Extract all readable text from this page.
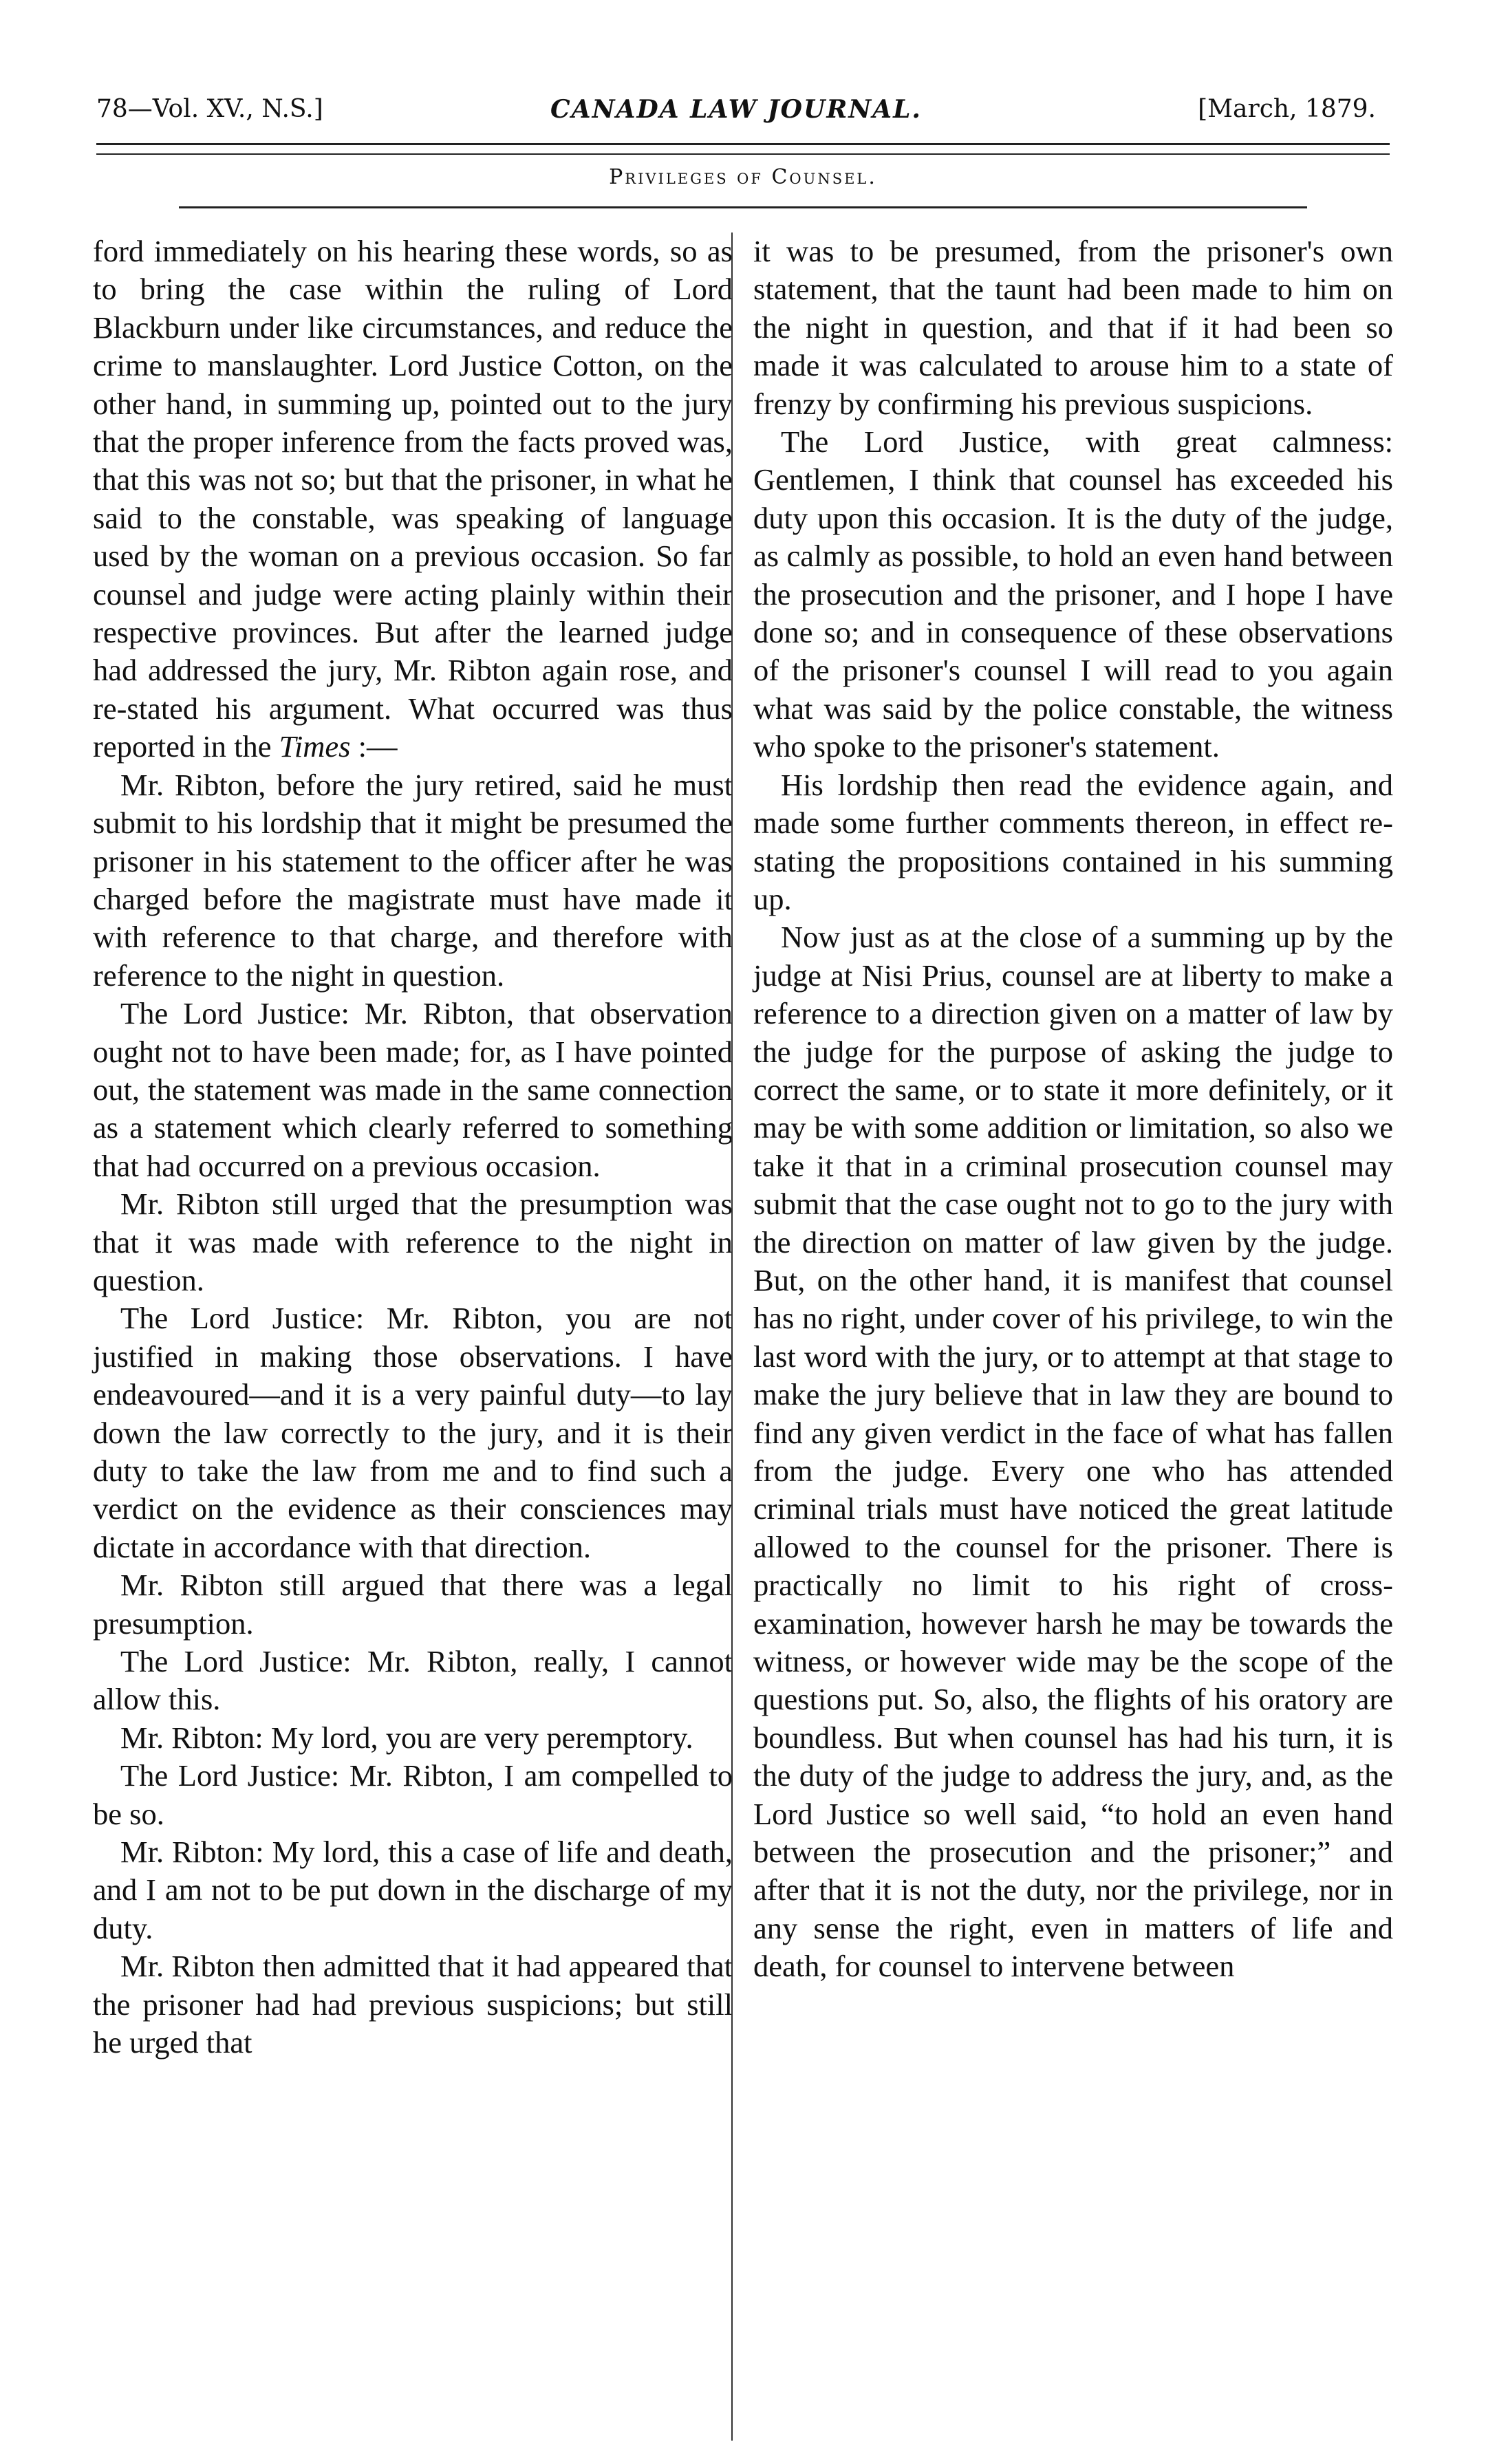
78—Vol. XV., N.S.]	CANADA LAW JOURNAL.	[March, 1879.
Privileges of Counsel.

ford immediately on his hearing these words, so as to bring the case within the ruling of Lord Blackburn under like circumstances, and reduce the crime to manslaughter. Lord Justice Cotton, on the other hand, in summing up, pointed out to the jury that the proper inference from the facts proved was, that this was not so; but that the prisoner, in what he said to the constable, was speaking of language used by the woman on a previous occasion. So far counsel and judge were acting plainly within their respective provinces. But after the learned judge had addressed the jury, Mr. Ribton again rose, and re-stated his argument. What occurred was thus reported in the Times :—

Mr. Ribton, before the jury retired, said he must submit to his lordship that it might be presumed the prisoner in his statement to the officer after he was charged before the magistrate must have made it with reference to that charge, and therefore with reference to the night in question.

The Lord Justice: Mr. Ribton, that observation ought not to have been made; for, as I have pointed out, the statement was made in the same connection as a statement which clearly referred to something that had occurred on a previous occasion.

Mr. Ribton still urged that the presumption was that it was made with reference to the night in question.

The Lord Justice: Mr. Ribton, you are not justified in making those observations. I have endeavoured—and it is a very painful duty—to lay down the law correctly to the jury, and it is their duty to take the law from me and to find such a verdict on the evidence as their consciences may dictate in accordance with that direction.

Mr. Ribton still argued that there was a legal presumption.

The Lord Justice: Mr. Ribton, really, I cannot allow this.

Mr. Ribton: My lord, you are very peremptory.

The Lord Justice: Mr. Ribton, I am compelled to be so.

Mr. Ribton: My lord, this a case of life and death, and I am not to be put down in the discharge of my duty.

Mr. Ribton then admitted that it had appeared that the prisoner had had previous suspicions; but still he urged that

it was to be presumed, from the prisoner's own statement, that the taunt had been made to him on the night in question, and that if it had been so made it was calculated to arouse him to a state of frenzy by confirming his previous suspicions.

The Lord Justice, with great calmness: Gentlemen, I think that counsel has exceeded his duty upon this occasion. It is the duty of the judge, as calmly as possible, to hold an even hand between the prosecution and the prisoner, and I hope I have done so; and in consequence of these observations of the prisoner's counsel I will read to you again what was said by the police constable, the witness who spoke to the prisoner's statement.

His lordship then read the evidence again, and made some further comments thereon, in effect re-stating the propositions contained in his summing up.

Now just as at the close of a summing up by the judge at Nisi Prius, counsel are at liberty to make a reference to a direction given on a matter of law by the judge for the purpose of asking the judge to correct the same, or to state it more definitely, or it may be with some addition or limitation, so also we take it that in a criminal prosecution counsel may submit that the case ought not to go to the jury with the direction on matter of law given by the judge. But, on the other hand, it is manifest that counsel has no right, under cover of his privilege, to win the last word with the jury, or to attempt at that stage to make the jury believe that in law they are bound to find any given verdict in the face of what has fallen from the judge. Every one who has attended criminal trials must have noticed the great latitude allowed to the counsel for the prisoner. There is practically no limit to his right of cross-examination, however harsh he may be towards the witness, or however wide may be the scope of the questions put. So, also, the flights of his oratory are boundless. But when counsel has had his turn, it is the duty of the judge to address the jury, and, as the Lord Justice so well said, “to hold an even hand between the prosecution and the prisoner;” and after that it is not the duty, nor the privilege, nor in any sense the right, even in matters of life and death, for counsel to intervene between
